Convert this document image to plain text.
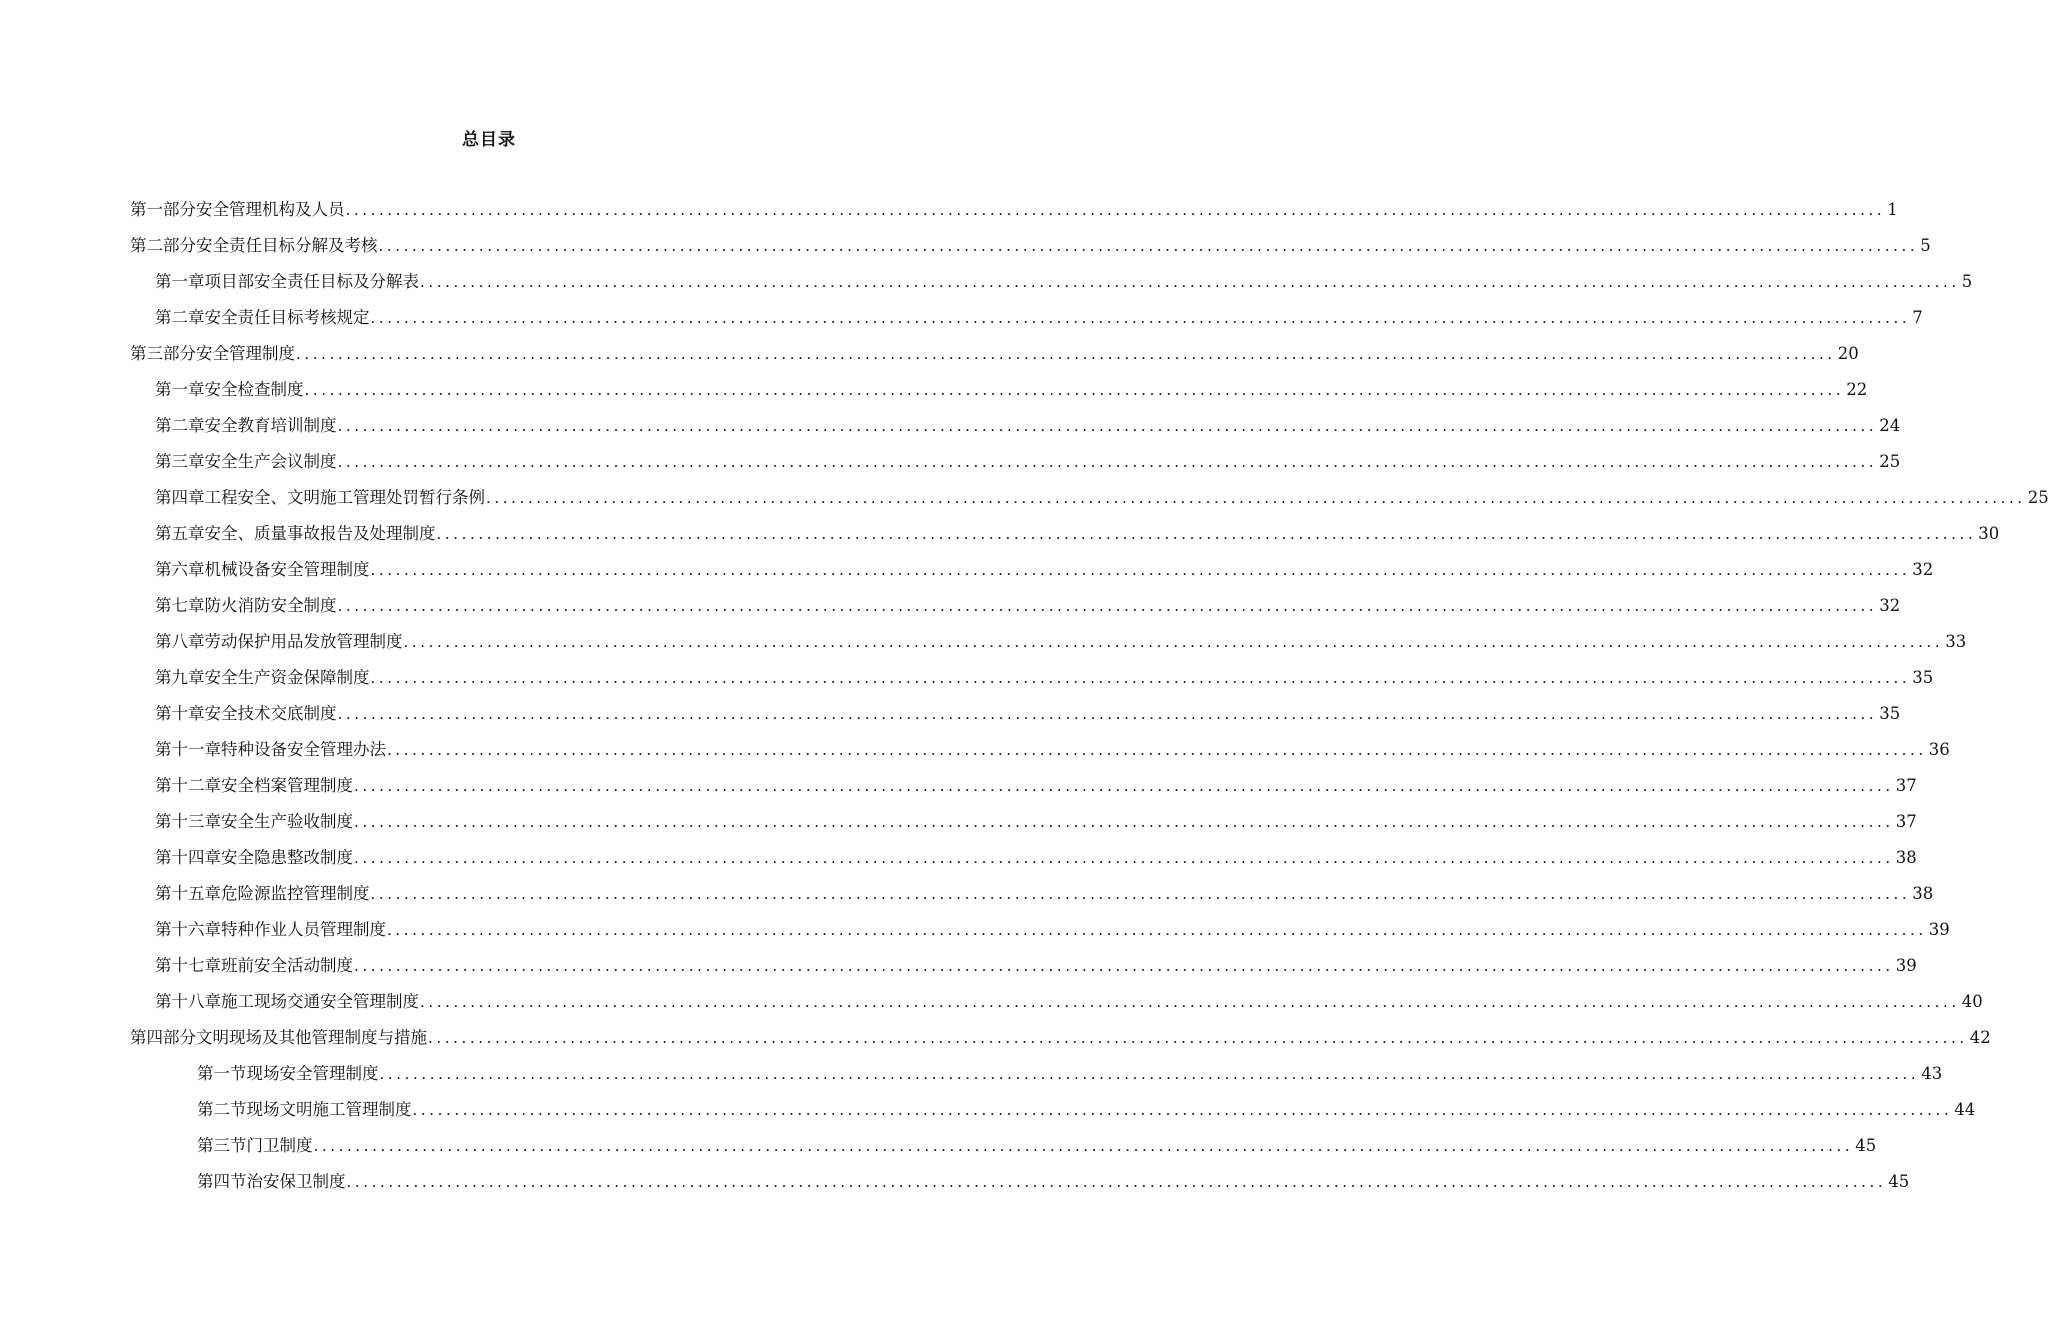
总目录
第一部分 安全管理机构及人员 ........................................................................................................................................................................................ 1
第二部分 安全责任目标分解及考核 ........................................................................................................................................................................................ 5
第一章 项目部安全责任目标及分解表 ........................................................................................................................................................................................ 5
第二章 安全责任目标考核规定 ........................................................................................................................................................................................ 7
第三部分 安全管理制度 ........................................................................................................................................................................................ 20
第一章 安全检查制度 ........................................................................................................................................................................................ 22
第二章 安全教育培训制度 ........................................................................................................................................................................................ 24
第三章 安全生产会议制度 ........................................................................................................................................................................................ 25
第四章 工程安全、文明施工管理处罚暂行条例 ........................................................................................................................................................................................ 25
第五章 安全、质量事故报告及处理制度 ........................................................................................................................................................................................ 30
第六章 机械设备安全管理制度 ........................................................................................................................................................................................ 32
第七章 防火消防安全制度 ........................................................................................................................................................................................ 32
第八章 劳动保护用品发放管理制度 ........................................................................................................................................................................................ 33
第九章 安全生产资金保障制度 ........................................................................................................................................................................................ 35
第十章 安全技术交底制度 ........................................................................................................................................................................................ 35
第十一章 特种设备安全管理办法 ........................................................................................................................................................................................ 36
第十二章 安全档案管理制度 ........................................................................................................................................................................................ 37
第十三章 安全生产验收制度 ........................................................................................................................................................................................ 37
第十四章 安全隐患整改制度 ........................................................................................................................................................................................ 38
第十五章 危险源监控管理制度 ........................................................................................................................................................................................ 38
第十六章 特种作业人员管理制度 ........................................................................................................................................................................................ 39
第十七章 班前安全活动制度 ........................................................................................................................................................................................ 39
第十八章 施工现场交通安全管理制度 ........................................................................................................................................................................................ 40
第四部分 文明现场及其他管理制度与措施 ........................................................................................................................................................................................ 42
第一节 现场安全管理制度 ........................................................................................................................................................................................ 43
第二节 现场文明施工管理制度 ........................................................................................................................................................................................ 44
第三节 门卫制度 ........................................................................................................................................................................................ 45
第四节 治安保卫制度 ........................................................................................................................................................................................ 45
